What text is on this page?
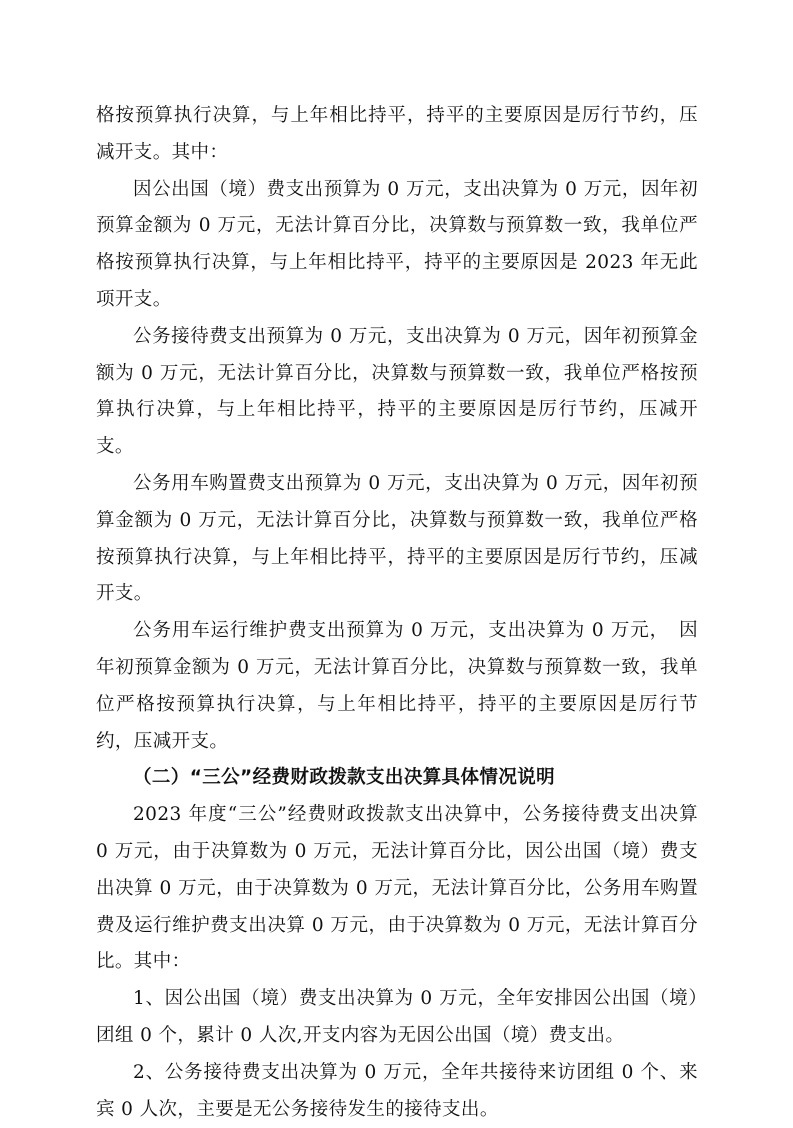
格按预算执行决算，与上年相比持平，持平的主要原因是厉行节约，压减开支。其中：

因公出国（境）费支出预算为 0 万元，支出决算为 0 万元，因年初预算金额为 0 万元，无法计算百分比，决算数与预算数一致，我单位严格按预算执行决算，与上年相比持平，持平的主要原因是 2023 年无此项开支。

公务接待费支出预算为 0 万元，支出决算为 0 万元，因年初预算金额为 0 万元，无法计算百分比，决算数与预算数一致，我单位严格按预算执行决算，与上年相比持平，持平的主要原因是厉行节约，压减开支。

公务用车购置费支出预算为 0 万元，支出决算为 0 万元，因年初预算金额为 0 万元，无法计算百分比，决算数与预算数一致，我单位严格按预算执行决算，与上年相比持平，持平的主要原因是厉行节约，压减开支。

公务用车运行维护费支出预算为 0 万元，支出决算为 0 万元，　因年初预算金额为 0 万元，无法计算百分比，决算数与预算数一致，我单位严格按预算执行决算，与上年相比持平，持平的主要原因是厉行节约，压减开支。

（二）“三公”经费财政拨款支出决算具体情况说明

2023 年度“三公”经费财政拨款支出决算中，公务接待费支出决算 0 万元，由于决算数为 0 万元，无法计算百分比，因公出国（境）费支出决算 0 万元，由于决算数为 0 万元，无法计算百分比，公务用车购置费及运行维护费支出决算 0 万元，由于决算数为 0 万元，无法计算百分比。其中：

1、因公出国（境）费支出决算为 0 万元，全年安排因公出国（境）团组 0 个，累计 0 人次,开支内容为无因公出国（境）费支出。

2、公务接待费支出决算为 0 万元，全年共接待来访团组 0 个、来宾 0 人次，主要是无公务接待发生的接待支出。
